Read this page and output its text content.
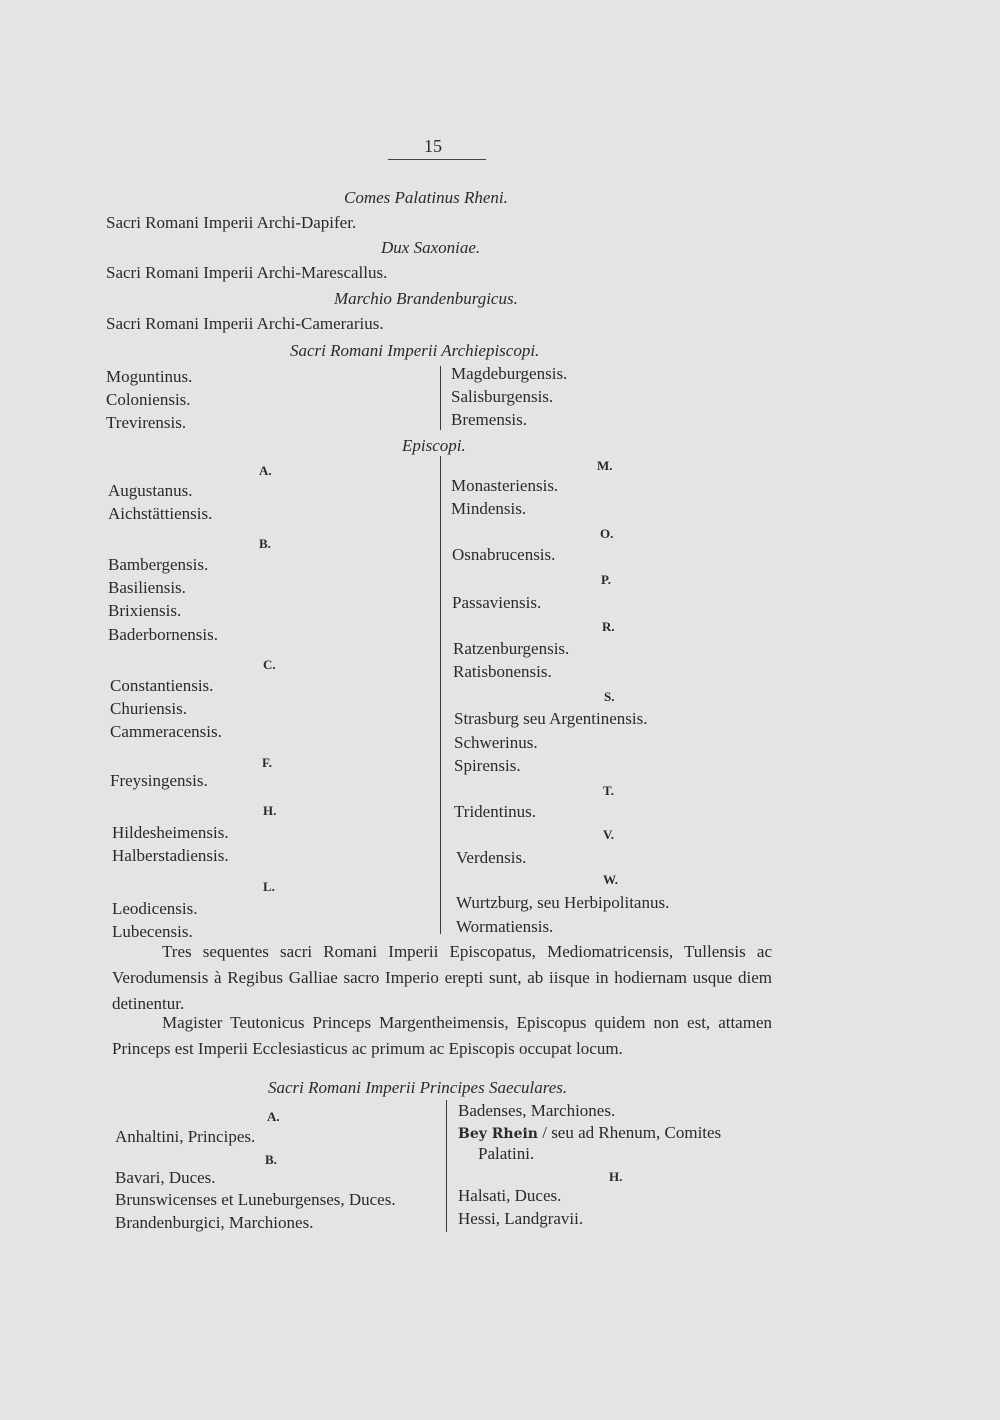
15
Comes Palatinus Rheni.
Sacri Romani Imperii Archi-Dapifer.
Dux Saxoniae.
Sacri Romani Imperii Archi-Marescallus.
Marchio Brandenburgicus.
Sacri Romani Imperii Archi-Camerarius.
Sacri Romani Imperii Archiepiscopi.
Moguntinus.
Coloniensis.
Trevirensis.
Magdeburgensis.
Salisburgensis.
Bremensis.
Episcopi.
A.
Augustanus.
Aichstättiensis.
B.
Bambergensis.
Basiliensis.
Brixiensis.
Baderbornensis.
C.
Constantiensis.
Churiensis.
Cammeracensis.
F.
Freysingensis.
H.
Hildesheimensis.
Halberstadiensis.
L.
Leodicensis.
Lubecensis.
M.
Monasteriensis.
Mindensis.
O.
Osnabrucensis.
P.
Passaviensis.
R.
Ratzenburgensis.
Ratisbonensis.
S.
Strasburg seu Argentinensis.
Schwerinus.
Spirensis.
T.
Tridentinus.
V.
Verdensis.
W.
Wurtzburg, seu Herbipolitanus.
Wormatiensis.
Tres sequentes sacri Romani Imperii Episcopatus, Mediomatricensis, Tullensis ac Verodumensis à Regibus Galliae sacro Imperio erepti sunt, ab iisque in hodiernam usque diem detinentur.
Magister Teutonicus Princeps Margentheimensis, Episcopus quidem non est, attamen Princeps est Imperii Ecclesiasticus ac primum ac Episcopis occupat locum.
Sacri Romani Imperii Principes Saeculares.
A.
Anhaltini, Principes.
B.
Bavari, Duces.
Brunswicenses et Luneburgenses, Duces.
Brandenburgici, Marchiones.
Badenses, Marchiones.
Bey Rhein / seu ad Rhenum, Comites
Palatini.
H.
Halsati, Duces.
Hessi, Landgravii.
